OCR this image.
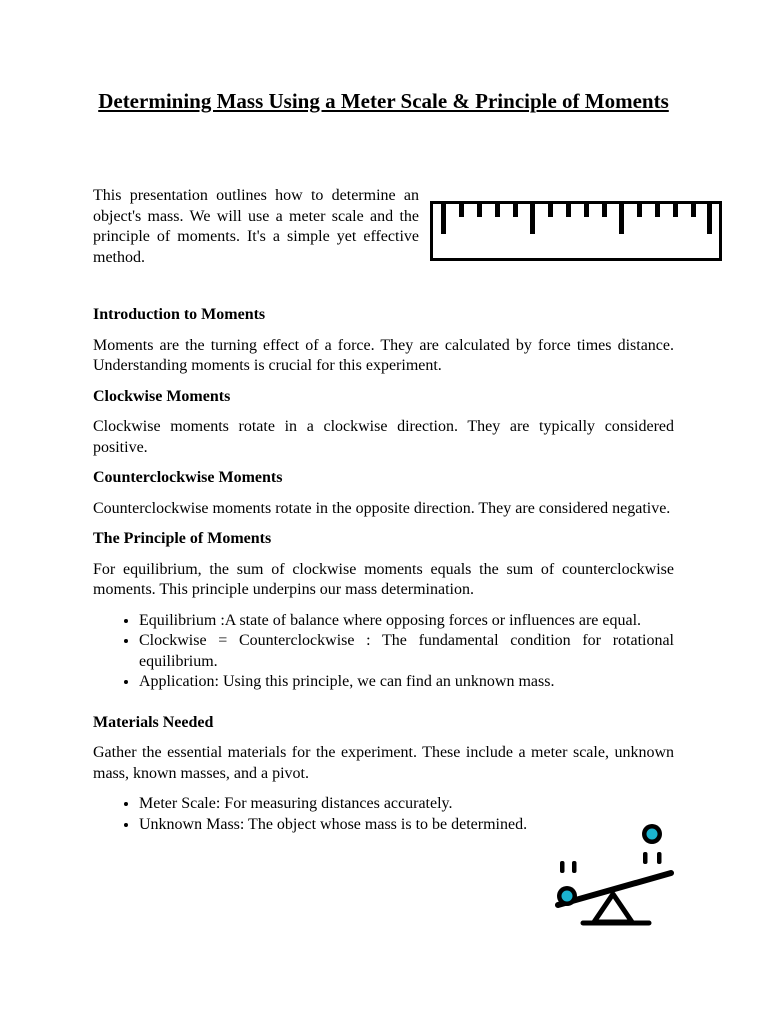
Determining Mass Using a Meter Scale & Principle of Moments

This presentation outlines how to determine an object's mass. We will use a meter scale and the principle of moments. It's a simple yet effective method.

Introduction to Moments

Moments are the turning effect of a force. They are calculated by force times distance. Understanding moments is crucial for this experiment.

Clockwise Moments

Clockwise moments rotate in a clockwise direction. They are typically considered positive.

Counterclockwise Moments

Counterclockwise moments rotate in the opposite direction. They are considered negative.

The Principle of Moments

For equilibrium, the sum of clockwise moments equals the sum of counterclockwise moments. This principle underpins our mass determination.

• Equilibrium :A state of balance where opposing forces or influences are equal.
• Clockwise = Counterclockwise : The fundamental condition for rotational equilibrium.
• Application: Using this principle, we can find an unknown mass.
Materials Needed

Gather the essential materials for the experiment. These include a meter scale, unknown mass, known masses, and a pivot.

• Meter Scale: For measuring distances accurately.
• Unknown Mass: The object whose mass is to be determined.
